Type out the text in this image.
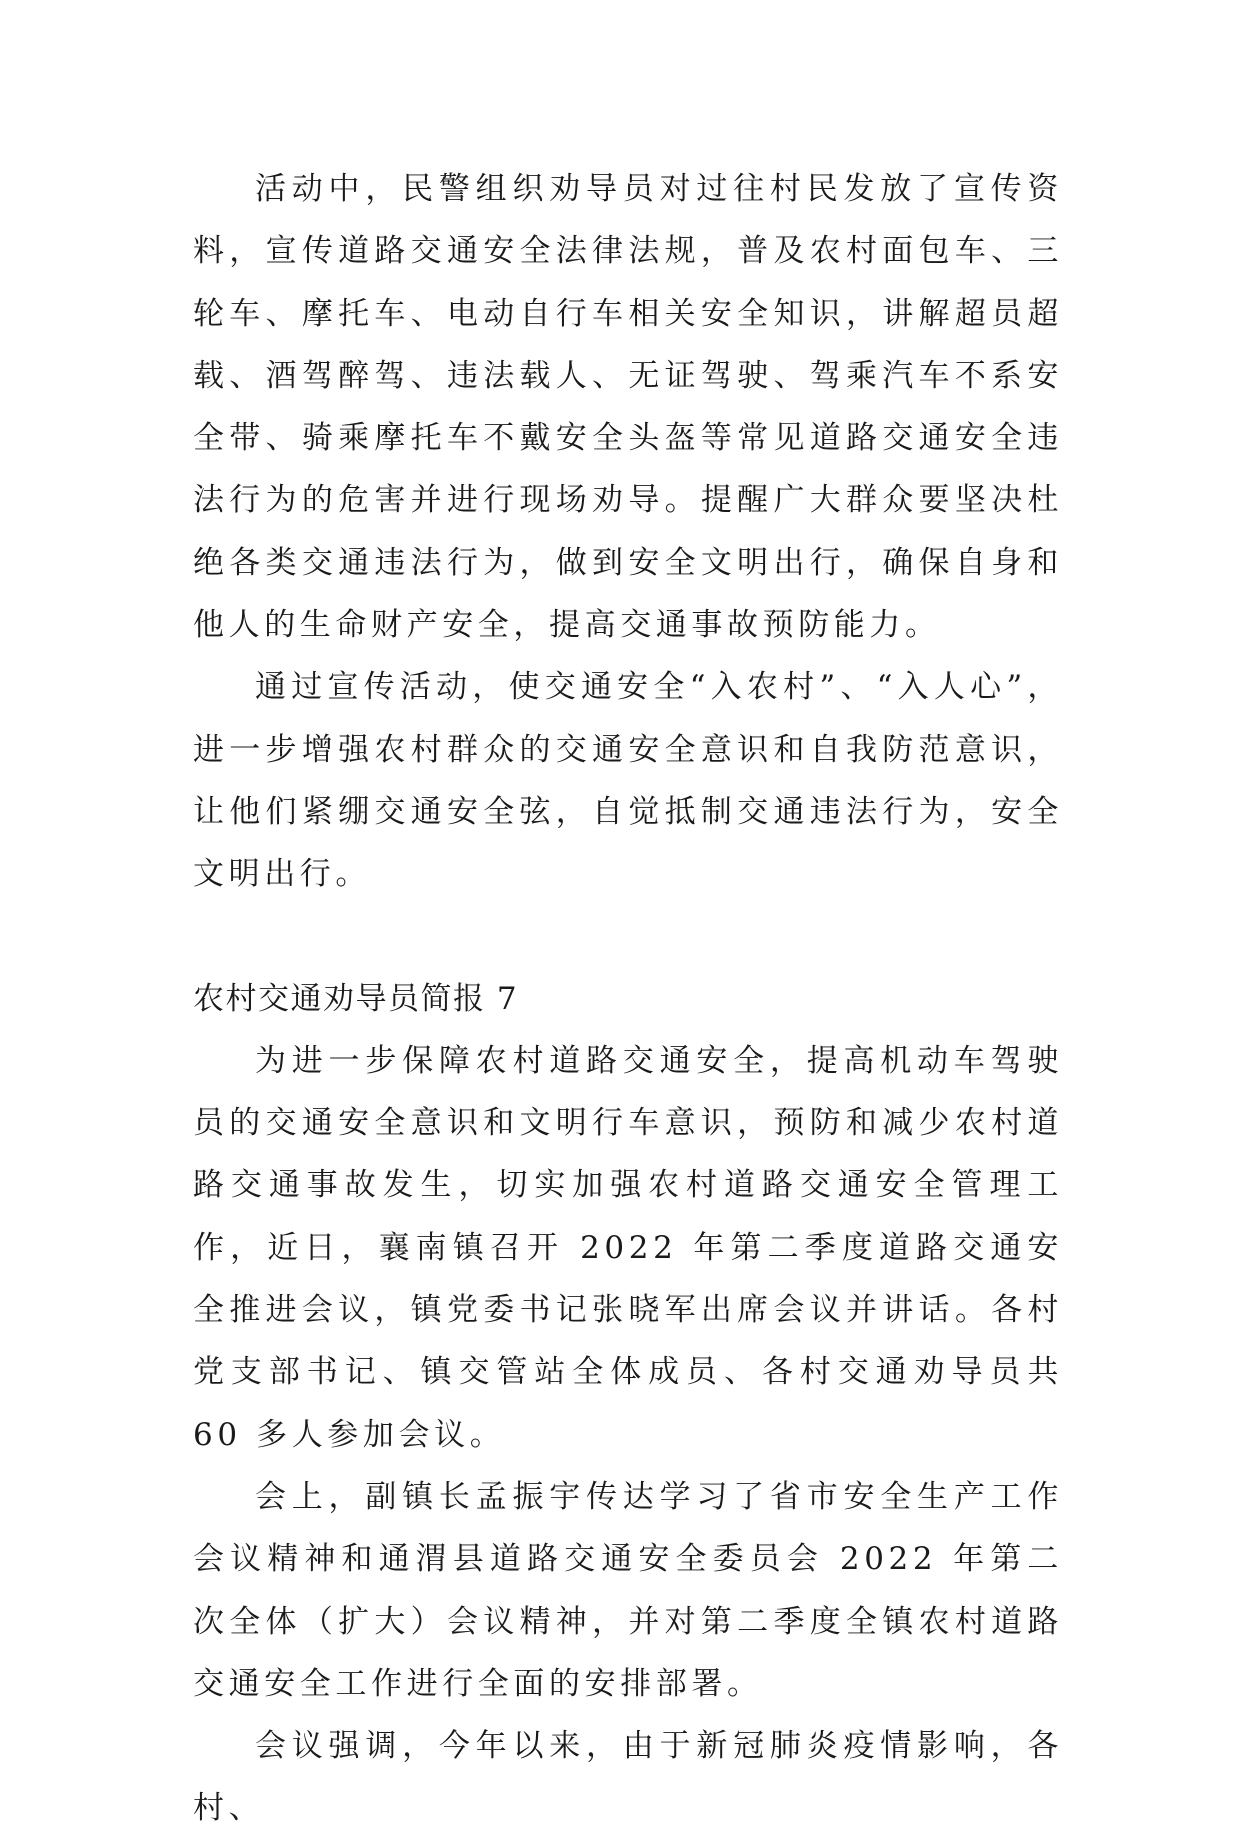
活动中，民警组织劝导员对过往村民发放了宣传资料，宣传道路交通安全法律法规，普及农村面包车、三轮车、摩托车、电动自行车相关安全知识，讲解超员超载、酒驾醉驾、违法载人、无证驾驶、驾乘汽车不系安全带、骑乘摩托车不戴安全头盔等常见道路交通安全违法行为的危害并进行现场劝导。提醒广大群众要坚决杜绝各类交通违法行为，做到安全文明出行，确保自身和他人的生命财产安全，提高交通事故预防能力。

通过宣传活动，使交通安全“入农村”、“入人心”，进一步增强农村群众的交通安全意识和自我防范意识，让他们紧绷交通安全弦，自觉抵制交通违法行为，安全文明出行。

农村交通劝导员简报 7

为进一步保障农村道路交通安全，提高机动车驾驶员的交通安全意识和文明行车意识，预防和减少农村道路交通事故发生，切实加强农村道路交通安全管理工作，近日，襄南镇召开 2022 年第二季度道路交通安全推进会议，镇党委书记张晓军出席会议并讲话。各村党支部书记、镇交管站全体成员、各村交通劝导员共 60 多人参加会议。

会上，副镇长孟振宇传达学习了省市安全生产工作会议精神和通渭县道路交通安全委员会 2022 年第二次全体（扩大）会议精神，并对第二季度全镇农村道路交通安全工作进行全面的安排部署。

会议强调，今年以来，由于新冠肺炎疫情影响，各村、
